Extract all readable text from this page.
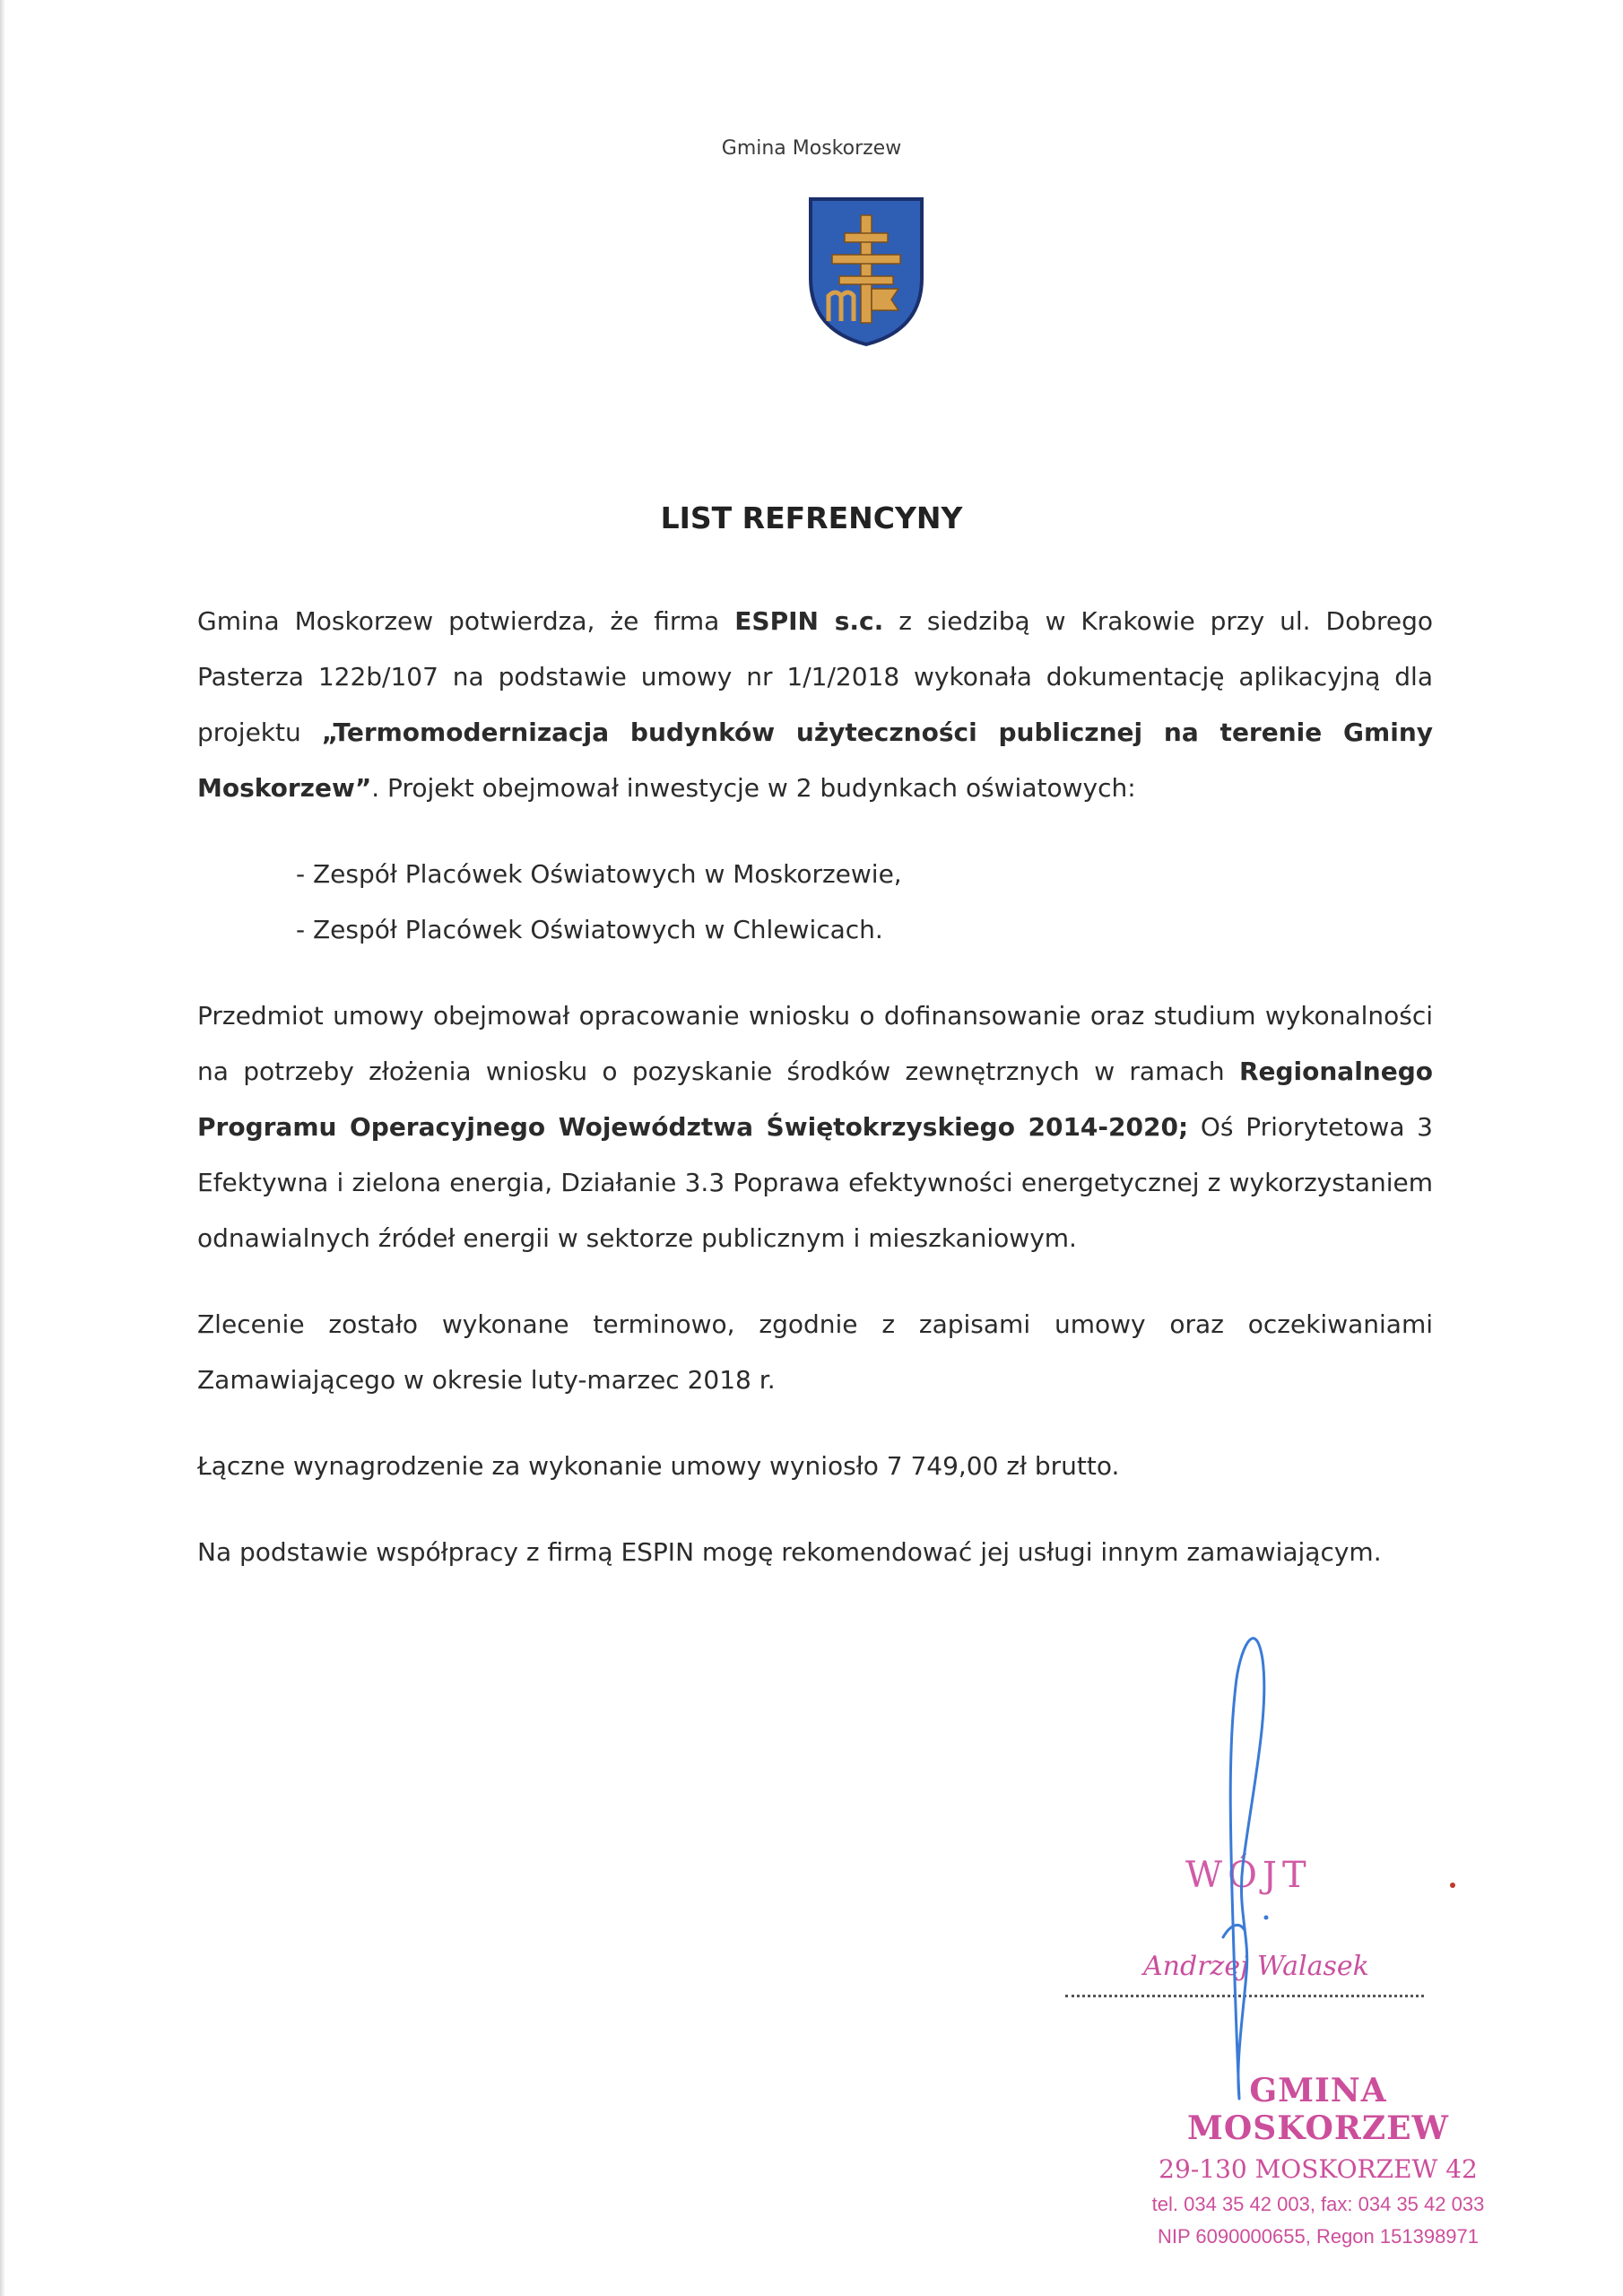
Gmina Moskorzew
LIST REFRENCYNY

Gmina Moskorzew potwierdza, że firma ESPIN s.c. z siedzibą w Krakowie przy ul. Dobrego Pasterza 122b/107 na podstawie umowy nr 1/1/2018 wykonała dokumentację aplikacyjną dla projektu „Termomodernizacja budynków użyteczności publicznej na terenie Gminy Moskorzew”. Projekt obejmował inwestycje w 2 budynkach oświatowych:

- Zespół Placówek Oświatowych w Moskorzewie,
- Zespół Placówek Oświatowych w Chlewicach.

Przedmiot umowy obejmował opracowanie wniosku o dofinansowanie oraz studium wykonalności na potrzeby złożenia wniosku o pozyskanie środków zewnętrznych w ramach Regionalnego Programu Operacyjnego Województwa Świętokrzyskiego 2014-2020; Oś Priorytetowa 3 Efektywna i zielona energia, Działanie 3.3 Poprawa efektywności energetycznej z wykorzystaniem odnawialnych źródeł energii w sektorze publicznym i mieszkaniowym.

Zlecenie zostało wykonane terminowo, zgodnie z zapisami umowy oraz oczekiwaniami Zamawiającego w okresie luty-marzec 2018 r.

Łączne wynagrodzenie za wykonanie umowy wyniosło 7 749,00 zł brutto.

Na podstawie współpracy z firmą ESPIN mogę rekomendować jej usługi innym zamawiającym.

WÓJT
Andrzej Walasek
GMINA MOSKORZEW
29-130 MOSKORZEW 42
tel. 034 35 42 003, fax: 034 35 42 033
NIP 6090000655, Regon 151398971
